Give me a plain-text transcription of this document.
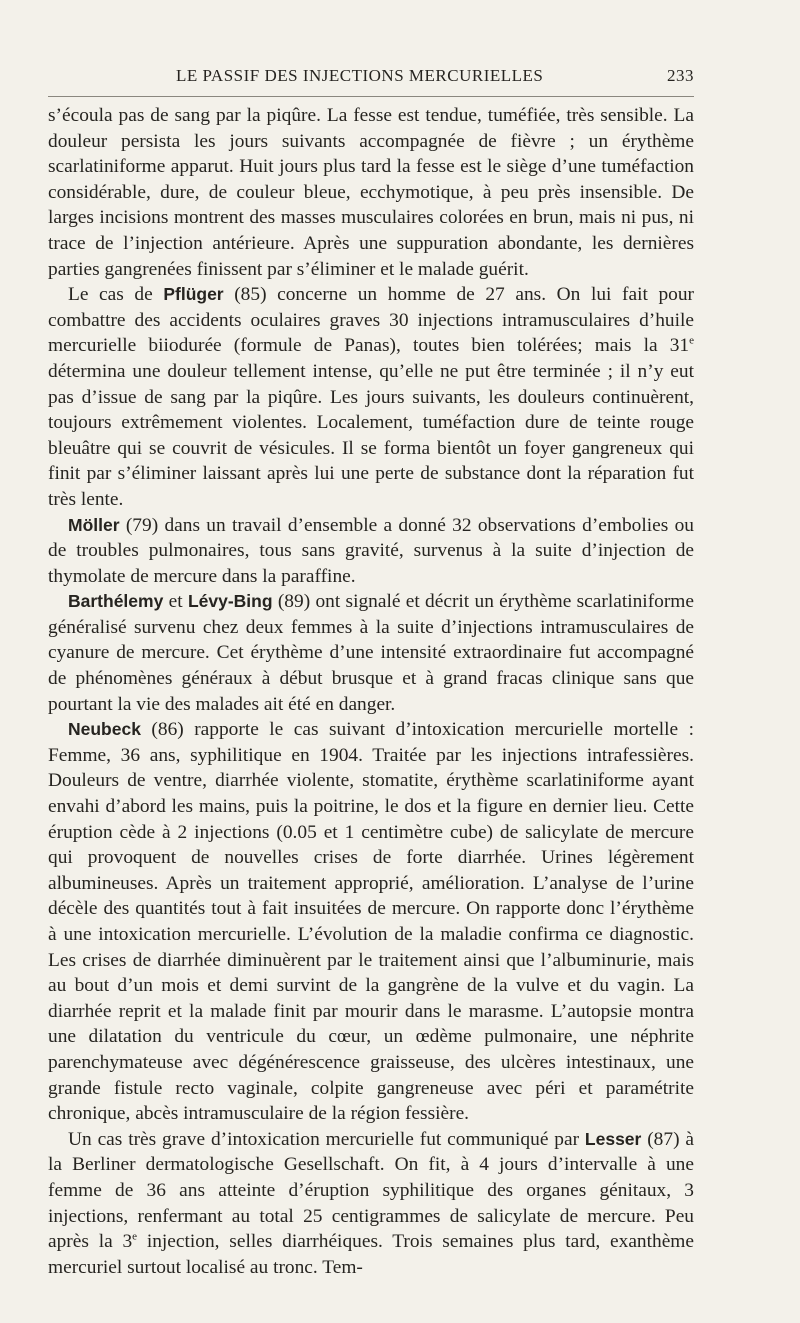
LE PASSIF DES INJECTIONS MERCURIELLES	233

s’écoula pas de sang par la piqûre. La fesse est tendue, tuméfiée, très sensible. La douleur persista les jours suivants accompagnée de fièvre ; un érythème scarlatiniforme apparut. Huit jours plus tard la fesse est le siège d’une tuméfaction considérable, dure, de couleur bleue, ecchymotique, à peu près insensible. De larges incisions montrent des masses musculaires colorées en brun, mais ni pus, ni trace de l’injection antérieure. Après une suppuration abondante, les dernières parties gangrenées finissent par s’éliminer et le malade guérit.

Le cas de Pflüger (85) concerne un homme de 27 ans. On lui fait pour combattre des accidents oculaires graves 30 injections intramusculaires d’huile mercurielle biiodurée (formule de Panas), toutes bien tolérées; mais la 31e détermina une douleur tellement intense, qu’elle ne put être terminée ; il n’y eut pas d’issue de sang par la piqûre. Les jours suivants, les douleurs continuèrent, toujours extrêmement violentes. Localement, tuméfaction dure de teinte rouge bleuâtre qui se couvrit de vésicules. Il se forma bientôt un foyer gangreneux qui finit par s’éliminer laissant après lui une perte de substance dont la réparation fut très lente.

Möller (79) dans un travail d’ensemble a donné 32 observations d’embolies ou de troubles pulmonaires, tous sans gravité, survenus à la suite d’injection de thymolate de mercure dans la paraffine.

Barthélemy et Lévy-Bing (89) ont signalé et décrit un érythème scarlatiniforme généralisé survenu chez deux femmes à la suite d’injections intramusculaires de cyanure de mercure. Cet érythème d’une intensité extraordinaire fut accompagné de phénomènes généraux à début brusque et à grand fracas clinique sans que pourtant la vie des malades ait été en danger.

Neubeck (86) rapporte le cas suivant d’intoxication mercurielle mortelle : Femme, 36 ans, syphilitique en 1904. Traitée par les injections intrafessières. Douleurs de ventre, diarrhée violente, stomatite, érythème scarlatiniforme ayant envahi d’abord les mains, puis la poitrine, le dos et la figure en dernier lieu. Cette éruption cède à 2 injections (0.05 et 1 centimètre cube) de salicylate de mercure qui provoquent de nouvelles crises de forte diarrhée. Urines légèrement albumineuses. Après un traitement approprié, amélioration. L’analyse de l’urine décèle des quantités tout à fait insuitées de mercure. On rapporte donc l’érythème à une intoxication mercurielle. L’évolution de la maladie confirma ce diagnostic. Les crises de diarrhée diminuèrent par le traitement ainsi que l’albuminurie, mais au bout d’un mois et demi survint de la gangrène de la vulve et du vagin. La diarrhée reprit et la malade finit par mourir dans le marasme. L’autopsie montra une dilatation du ventricule du cœur, un œdème pulmonaire, une néphrite parenchymateuse avec dégénérescence graisseuse, des ulcères intestinaux, une grande fistule recto vaginale, colpite gangreneuse avec péri et paramétrite chronique, abcès intramusculaire de la région fessière.

Un cas très grave d’intoxication mercurielle fut communiqué par Lesser (87) à la Berliner dermatologische Gesellschaft. On fit, à 4 jours d’intervalle à une femme de 36 ans atteinte d’éruption syphilitique des organes génitaux, 3 injections, renfermant au total 25 centigrammes de salicylate de mercure. Peu après la 3e injection, selles diarrhéiques. Trois semaines plus tard, exanthème mercuriel surtout localisé au tronc. Tem-
